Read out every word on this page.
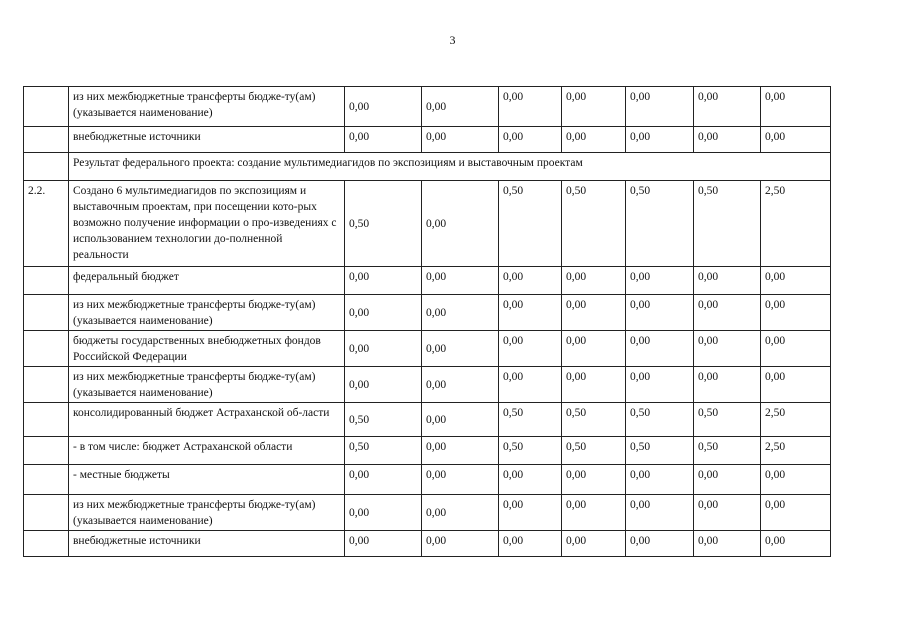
3
	из них межбюджетные трансферты бюдже-ту(ам) (указывается наименование)	0,00	0,00	0,00	0,00	0,00	0,00	0,00
	внебюджетные источники	0,00	0,00	0,00	0,00	0,00	0,00	0,00
	Результат федерального проекта: создание мультимедиагидов по экспозициям и выставочным проектам							
2.2.	Создано 6 мультимедиагидов по экспозициям и выставочным проектам, при посещении кото-рых возможно получение информации о про-изведениях с использованием технологии до-полненной реальности	0,50	0,00	0,50	0,50	0,50	0,50	2,50
	федеральный бюджет	0,00	0,00	0,00	0,00	0,00	0,00	0,00
	из них межбюджетные трансферты бюдже-ту(ам) (указывается наименование)	0,00	0,00	0,00	0,00	0,00	0,00	0,00
	бюджеты государственных внебюджетных фондов Российской Федерации	0,00	0,00	0,00	0,00	0,00	0,00	0,00
	из них межбюджетные трансферты бюдже-ту(ам) (указывается наименование)	0,00	0,00	0,00	0,00	0,00	0,00	0,00
	консолидированный бюджет Астраханской об-ласти	0,50	0,00	0,50	0,50	0,50	0,50	2,50
	- в том числе: бюджет Астраханской области	0,50	0,00	0,50	0,50	0,50	0,50	2,50
	- местные бюджеты	0,00	0,00	0,00	0,00	0,00	0,00	0,00
	из них межбюджетные трансферты бюдже-ту(ам) (указывается наименование)	0,00	0,00	0,00	0,00	0,00	0,00	0,00
	внебюджетные источники	0,00	0,00	0,00	0,00	0,00	0,00	0,00
